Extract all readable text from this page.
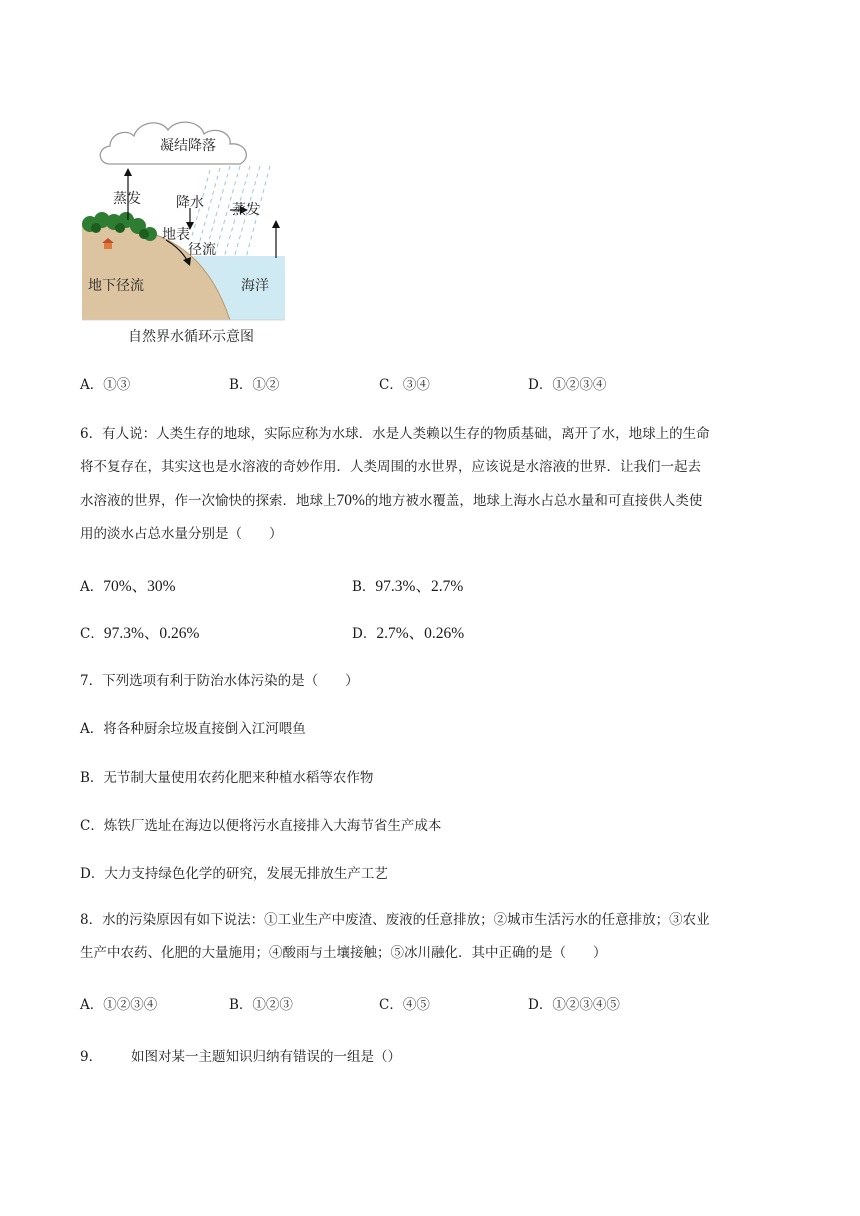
凝结降落
蒸发	降水 蒸发
地表
径流
地下径流	海洋
自然界水循环示意图
A．①③	B．①②	C．③④	D．①②③④
6．有人说：人类生存的地球，实际应称为水球．水是人类赖以生存的物质基础，离开了水，地球上的生命
将不复存在，其实这也是水溶液的奇妙作用．人类周围的水世界，应该说是水溶液的世界．让我们一起去
水溶液的世界，作一次愉快的探索．地球上70%的地方被水覆盖，地球上海水占总水量和可直接供人类使
用的淡水占总水量分别是（　　）
A．70%、30%	B．97.3%、2.7%
C．97.3%、0.26%	D．2.7%、0.26%
7．下列选项有利于防治水体污染的是（　　）
A．将各种厨余垃圾直接倒入江河喂鱼
B．无节制大量使用农药化肥来种植水稻等农作物
C．炼铁厂选址在海边以便将污水直接排入大海节省生产成本
D．大力支持绿色化学的研究，发展无排放生产工艺
8．水的污染原因有如下说法：①工业生产中废渣、废液的任意排放；②城市生活污水的任意排放；③农业
生产中农药、化肥的大量施用；④酸雨与土壤接触；⑤冰川融化．其中正确的是（　　）
A．①②③④	B．①②③	C．④⑤	D．①②③④⑤
9． 如图对某一主题知识归纳有错误的一组是（）
